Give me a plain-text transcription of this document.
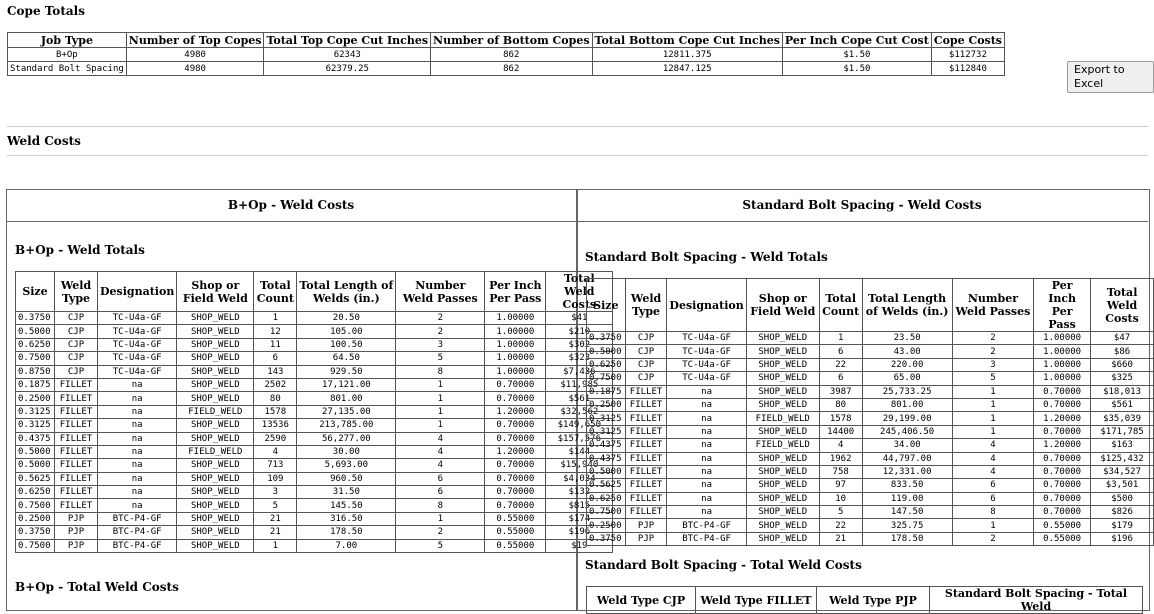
Cope Totals
Job Type	Number of Top Copes	Total Top Cope Cut Inches	Number of Bottom Copes	Total Bottom Cope Cut Inches	Per Inch Cope Cut Cost	Cope Costs
B+Op	4980	62343	862	12811.375	$1.50	$112732
Standard Bolt Spacing	4980	62379.25	862	12847.125	$1.50	$112840	Export to Excel
Weld Costs
B+Op - Weld Costs	Standard Bolt Spacing - Weld Costs
B+Op - Weld Totals	Standard Bolt Spacing - Weld Totals
Size	Weld Type	Designation	Shop or Field Weld	Total Count	Total Length of Welds (in.)	Number Weld Passes	Per Inch Per Pass	Total Weld Costs
0.3750	CJP	TC-U4a-GF	SHOP_WELD	1	20.50	2	1.00000	$41
0.5000	CJP	TC-U4a-GF	SHOP_WELD	12	105.00	2	1.00000	$210
0.6250	CJP	TC-U4a-GF	SHOP_WELD	11	100.50	3	1.00000	$302
0.7500	CJP	TC-U4a-GF	SHOP_WELD	6	64.50	5	1.00000	$323
0.8750	CJP	TC-U4a-GF	SHOP_WELD	143	929.50	8	1.00000	$7,436
0.1875	FILLET	na	SHOP_WELD	2502	17,121.00	1	0.70000	$11,985
0.2500	FILLET	na	SHOP_WELD	80	801.00	1	0.70000	$561
0.3125	FILLET	na	FIELD_WELD	1578	27,135.00	1	1.20000	$32,562
0.3125	FILLET	na	SHOP_WELD	13536	213,785.00	1	0.70000	$149,650
0.4375	FILLET	na	SHOP_WELD	2590	56,277.00	4	0.70000	$157,576
0.5000	FILLET	na	FIELD_WELD	4	30.00	4	1.20000	$144
0.5000	FILLET	na	SHOP_WELD	713	5,693.00	4	0.70000	$15,940
0.5625	FILLET	na	SHOP_WELD	109	960.50	6	0.70000	$4,034
0.6250	FILLET	na	SHOP_WELD	3	31.50	6	0.70000	$132
0.7500	FILLET	na	SHOP_WELD	5	145.50	8	0.70000	$815
0.2500	PJP	BTC-P4-GF	SHOP_WELD	21	316.50	1	0.55000	$174
0.3750	PJP	BTC-P4-GF	SHOP_WELD	21	178.50	2	0.55000	$196
0.7500	PJP	BTC-P4-GF	SHOP_WELD	1	7.00	5	0.55000	$19
Size	Weld Type	Designation	Shop or Field Weld	Total Count	Total Length of Welds (in.)	Number Weld Passes	Per Inch Per Pass	Total Weld Costs
0.3750	CJP	TC-U4a-GF	SHOP_WELD	1	23.50	2	1.00000	$47
0.5000	CJP	TC-U4a-GF	SHOP_WELD	6	43.00	2	1.00000	$86
0.6250	CJP	TC-U4a-GF	SHOP_WELD	22	220.00	3	1.00000	$660
0.7500	CJP	TC-U4a-GF	SHOP_WELD	6	65.00	5	1.00000	$325
0.1875	FILLET	na	SHOP_WELD	3987	25,733.25	1	0.70000	$18,013
0.2500	FILLET	na	SHOP_WELD	80	801.00	1	0.70000	$561
0.3125	FILLET	na	FIELD_WELD	1578	29,199.00	1	1.20000	$35,039
0.3125	FILLET	na	SHOP_WELD	14400	245,406.50	1	0.70000	$171,785
0.4375	FILLET	na	FIELD_WELD	4	34.00	4	1.20000	$163
0.4375	FILLET	na	SHOP_WELD	1962	44,797.00	4	0.70000	$125,432
0.5000	FILLET	na	SHOP_WELD	758	12,331.00	4	0.70000	$34,527
0.5625	FILLET	na	SHOP_WELD	97	833.50	6	0.70000	$3,501
0.6250	FILLET	na	SHOP_WELD	10	119.00	6	0.70000	$500
0.7500	FILLET	na	SHOP_WELD	5	147.50	8	0.70000	$826
0.2500	PJP	BTC-P4-GF	SHOP_WELD	22	325.75	1	0.55000	$179
0.3750	PJP	BTC-P4-GF	SHOP_WELD	21	178.50	2	0.55000	$196
B+Op - Total Weld Costs
Standard Bolt Spacing - Total Weld Costs
Weld Type CJP	Weld Type FILLET	Weld Type PJP	Standard Bolt Spacing - Total Weld
